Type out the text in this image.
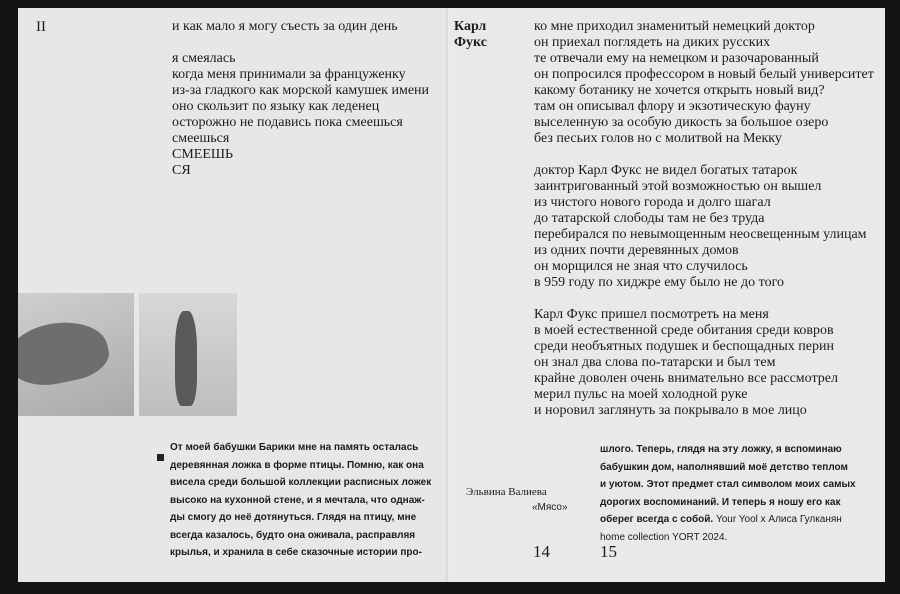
II	и как мало я могу съесть за один день
я смеялась
когда меня принимали за француженку
из-за гладкого как морской камушек имени
оно скользит по языку как леденец
осторожно не подавись пока смеешься
смеешься
СМЕЕШЬ
СЯ
От моей бабушки Барики мне на память осталась
деревянная ложка в форме птицы. Помню, как она
висела среди большой коллекции расписных ложек
высоко на кухонной стене, и я мечтала, что однаж-
ды смогу до неё дотянуться. Глядя на птицу, мне
всегда казалось, будто она оживала, расправляя
крылья, и хранила в себе сказочные истории про-
Карл
Фукс
ко мне приходил знаменитый немецкий доктор
он приехал поглядеть на диких русских
те отвечали ему на немецком и разочарованный
он попросился профессором в новый белый университет
какому ботанику не хочется открыть новый вид?
там он описывал флору и экзотическую фауну
выселенную за особую дикость за большое озеро
без песьих голов но с молитвой на Мекку
доктор Карл Фукс не видел богатых татарок
заинтригованный этой возможностью он вышел
из чистого нового города и долго шагал
до татарской слободы там не без труда
перебирался по невымощенным неосвещенным улицам
из одних почти деревянных домов
он морщился не зная что случилось
в 959 году по хиджре ему было не до того
Карл Фукс пришел посмотреть на меня
в моей естественной среде обитания среди ковров
среди необъятных подушек и беспощадных перин
он знал два слова по-татарски и был тем
крайне доволен очень внимательно все рассмотрел
мерил пульс на моей холодной руке
и норовил заглянуть за покрывало в мое лицо
Эльвина Валиева
«Мясо»
шлого. Теперь, глядя на эту ложку, я вспоминаю
бабушкин дом, наполнявший моё детство теплом
и уютом. Этот предмет стал символом моих самых
дорогих воспоминаний. И теперь я ношу его как
оберег всегда с собой. Your Yool x Алиса Гулканян
home collection YORT 2024.
14	15
